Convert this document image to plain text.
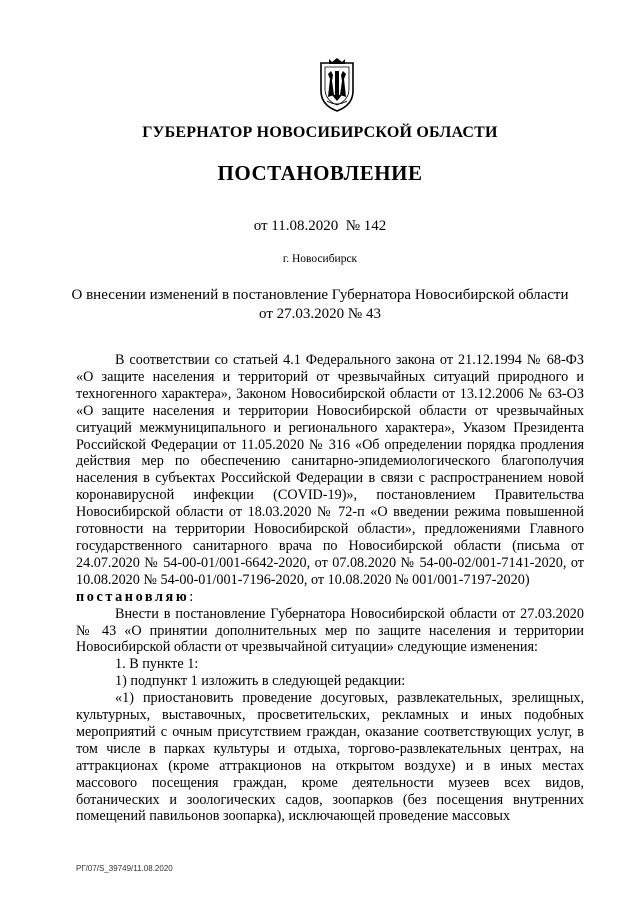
ГУБЕРНАТОР НОВОСИБИРСКОЙ ОБЛАСТИ
ПОСТАНОВЛЕНИЕ
от 11.08.2020  № 142
г. Новосибирск
О внесении изменений в постановление Губернатора Новосибирской области
от 27.03.2020 № 43

В соответствии со статьей 4.1 Федерального закона от 21.12.1994 № 68-ФЗ «О защите населения и территорий от чрезвычайных ситуаций природного и техногенного характера», Законом Новосибирской области от 13.12.2006 № 63-ОЗ «О защите населения и территории Новосибирской области от чрезвычайных ситуаций межмуниципального и регионального характера», Указом Президента Российской Федерации от 11.05.2020 № 316 «Об определении порядка продления действия мер по обеспечению санитарно-эпидемиологического благополучия населения в субъектах Российской Федерации в связи с распространением новой коронавирусной инфекции (COVID-19)», постановлением Правительства Новосибирской области от 18.03.2020 № 72-п «О введении режима повышенной готовности на территории Новосибирской области», предложениями Главного государственного санитарного врача по Новосибирской области (письма от 24.07.2020 № 54-00-01/001-6642-2020, от 07.08.2020 № 54-00-02/001-7141-2020, от 10.08.2020 № 54-00-01/001-7196-2020, от 10.08.2020 № 001/001-7197-2020)

постановляю:

Внести в постановление Губернатора Новосибирской области от 27.03.2020 № 43 «О принятии дополнительных мер по защите населения и территории Новосибирской области от чрезвычайной ситуации» следующие изменения:

1. В пункте 1:

1) подпункт 1 изложить в следующей редакции:

«1) приостановить проведение досуговых, развлекательных, зрелищных, культурных, выставочных, просветительских, рекламных и иных подобных мероприятий с очным присутствием граждан, оказание соответствующих услуг, в том числе в парках культуры и отдыха, торгово-развлекательных центрах, на аттракционах (кроме аттракционов на открытом воздухе) и в иных местах массового посещения граждан, кроме деятельности музеев всех видов, ботанических и зоологических садов, зоопарков (без посещения внутренних помещений павильонов зоопарка), исключающей проведение массовых

РГ/07/S_39749/11.08.2020
